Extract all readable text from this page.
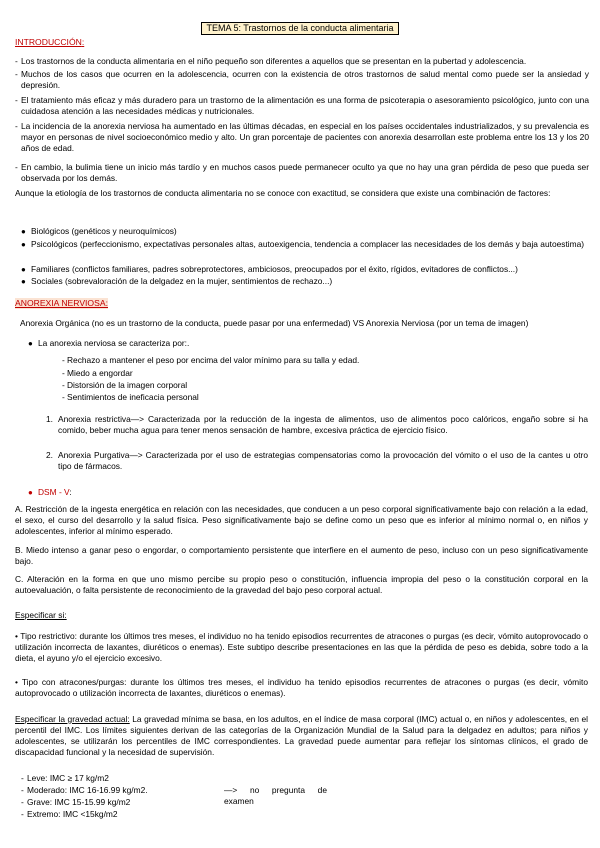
TEMA 5: Trastornos de la conducta alimentaria
INTRODUCCIÓN:
- Los trastornos de la conducta alimentaria en el niño pequeño son diferentes a aquellos que se presentan en la pubertad y adolescencia.
- Muchos de los casos que ocurren en la adolescencia, ocurren con la existencia de otros trastornos de salud mental como puede ser la ansiedad y depresión.
- El tratamiento más eficaz y más duradero para un trastorno de la alimentación es una forma de psicoterapia o asesoramiento psicológico, junto con una cuidadosa atención a las necesidades médicas y nutricionales.
- La incidencia de la anorexia nerviosa ha aumentado en las últimas décadas, en especial en los países occidentales industrializados, y su prevalencia es mayor en personas de nivel socioeconómico medio y alto. Un gran porcentaje de pacientes con anorexia desarrollan este problema entre los 13 y los 20 años de edad.
- En cambio, la bulimia tiene un inicio más tardío y en muchos casos puede permanecer oculto ya que no hay una gran pérdida de peso que pueda ser observada por los demás.
Aunque la etiología de los trastornos de conducta alimentaria no se conoce con exactitud, se considera que existe una combinación de factores:
● Biológicos (genéticos y neuroquímicos)
● Psicológicos (perfeccionismo, expectativas personales altas, autoexigencia, tendencia a complacer las necesidades de los demás y baja autoestima)
● Familiares (conflictos familiares, padres sobreprotectores, ambiciosos, preocupados por el éxito, rígidos, evitadores de conflictos...)
● Sociales (sobrevaloración de la delgadez en la mujer, sentimientos de rechazo...)
ANOREXIA NERVIOSA:
Anorexia Orgánica (no es un trastorno de la conducta, puede pasar por una enfermedad) VS Anorexia Nerviosa (por un tema de imagen)
● La anorexia nerviosa se caracteriza por:.
- Rechazo a mantener el peso por encima del valor mínimo para su talla y edad.
- Miedo a engordar
- Distorsión de la imagen corporal
- Sentimientos de ineficacia personal
1. Anorexia restrictiva—> Caracterizada por la reducción de la ingesta de alimentos, uso de alimentos poco calóricos, engaño sobre si ha comido, beber mucha agua para tener menos sensación de hambre, excesiva práctica de ejercicio físico.
2. Anorexia Purgativa—> Caracterizada por el uso de estrategias compensatorias como la provocación del vómito o el uso de la cantes u otro tipo de fármacos.
● DSM - V:
A. Restricción de la ingesta energética en relación con las necesidades, que conducen a un peso corporal significativamente bajo con relación a la edad, el sexo, el curso del desarrollo y la salud física. Peso significativamente bajo se define como un peso que es inferior al mínimo normal o, en niños y adolescentes, inferior al mínimo esperado.
B. Miedo intenso a ganar peso o engordar, o comportamiento persistente que interfiere en el aumento de peso, incluso con un peso significativamente bajo.
C. Alteración en la forma en que uno mismo percibe su propio peso o constitución, influencia impropia del peso o la constitución corporal en la autoevaluación, o falta persistente de reconocimiento de la gravedad del bajo peso corporal actual.
Especificar si:
• Tipo restrictivo: durante los últimos tres meses, el individuo no ha tenido episodios recurrentes de atracones o purgas (es decir, vómito autoprovocado o utilización incorrecta de laxantes, diuréticos o enemas). Este subtipo describe presentaciones en las que la pérdida de peso es debida, sobre todo a la dieta, el ayuno y/o el ejercicio excesivo.
• Tipo con atracones/purgas: durante los últimos tres meses, el individuo ha tenido episodios recurrentes de atracones o purgas (es decir, vómito autoprovocado o utilización incorrecta de laxantes, diuréticos o enemas).
Especificar la gravedad actual: La gravedad mínima se basa, en los adultos, en el índice de masa corporal (IMC) actual o, en niños y adolescentes, en el percentil del IMC. Los límites siguientes derivan de las categorías de la Organización Mundial de la Salud para la delgadez en adultos; para niños y adolescentes, se utilizarán los percentiles de IMC correspondientes. La gravedad puede aumentar para reflejar los síntomas clínicos, el grado de discapacidad funcional y la necesidad de supervisión.
- Leve: IMC ≥ 17 kg/m2
- Moderado: IMC 16-16.99 kg/m2.	—> no pregunta de examen
- Grave: IMC 15-15.99 kg/m2
- Extremo: IMC <15kg/m2
